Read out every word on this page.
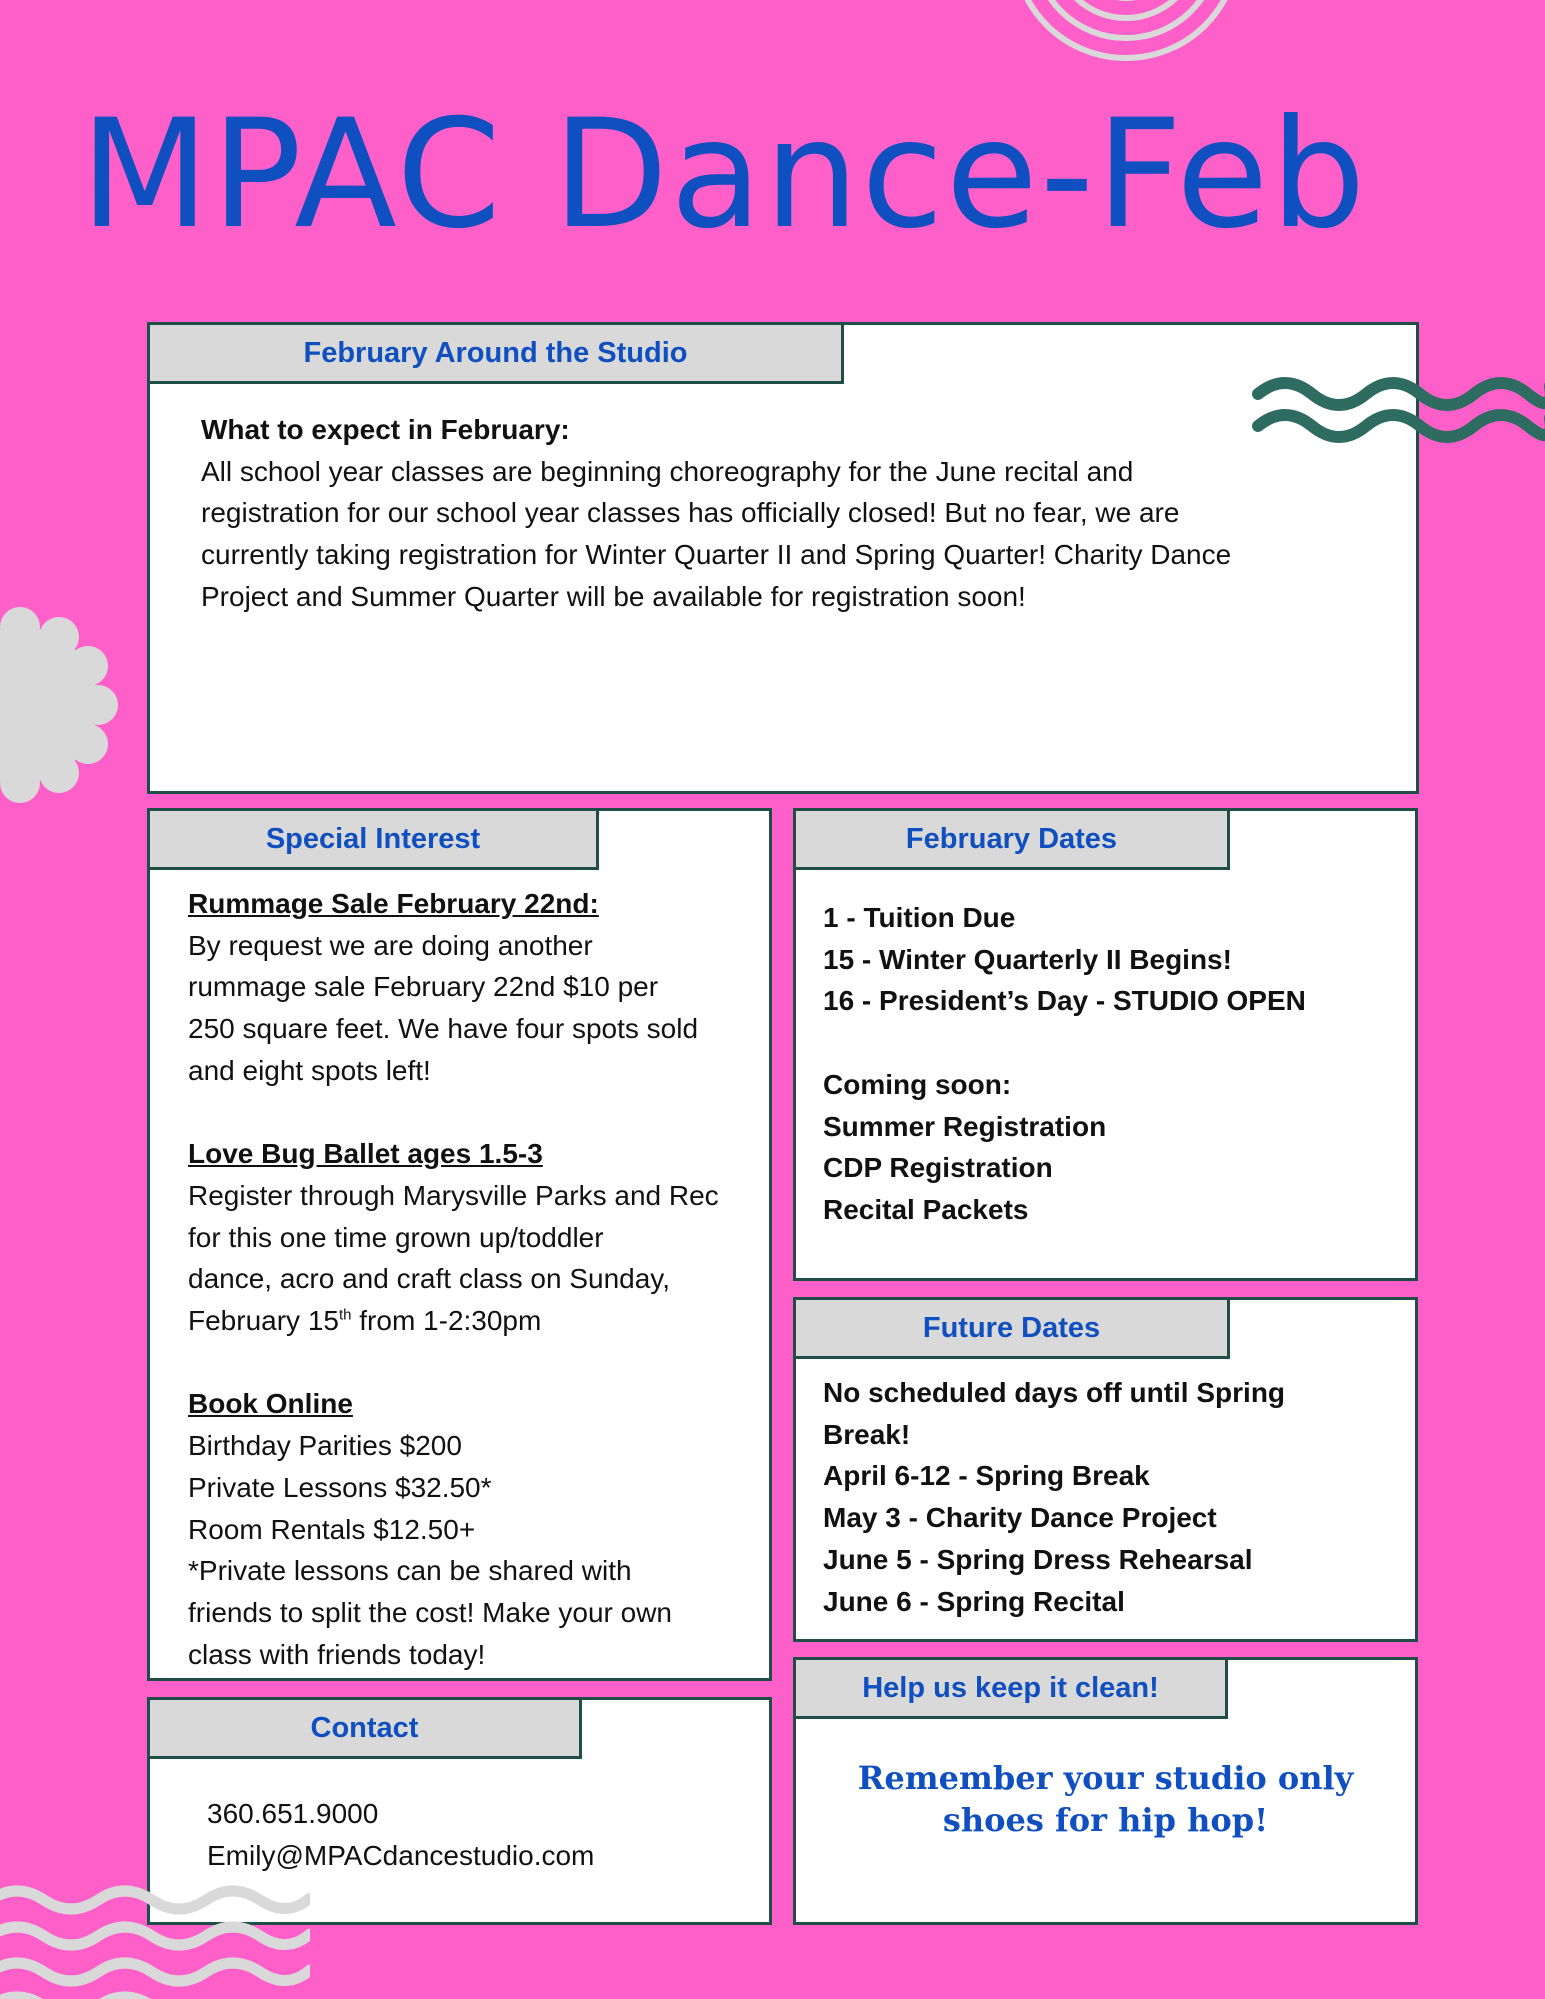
MPAC Dance-Feb
February Around the Studio
What to expect in February:
All school year classes are beginning choreography for the June recital and
registration for our school year classes has officially closed! But no fear, we are
currently taking registration for Winter Quarter II and Spring Quarter! Charity Dance
Project and Summer Quarter will be available for registration soon!
Special Interest
Rummage Sale February 22nd:
By request we are doing another
rummage sale February 22nd $10 per
250 square feet. We have four spots sold
and eight spots left!
Love Bug Ballet ages 1.5-3
Register through Marysville Parks and Rec
for this one time grown up/toddler
dance, acro and craft class on Sunday,
February 15th from 1-2:30pm
Book Online
Birthday Parities $200
Private Lessons $32.50*
Room Rentals $12.50+
*Private lessons can be shared with
friends to split the cost! Make your own
class with friends today!
February Dates
1 - Tuition Due
15 - Winter Quarterly II Begins!
16 - President’s Day - STUDIO OPEN
Coming soon:
Summer Registration
CDP Registration
Recital Packets
Future Dates
No scheduled days off until Spring
Break!
April 6-12 - Spring Break
May 3 - Charity Dance Project
June 5 - Spring Dress Rehearsal
June 6 - Spring Recital
Help us keep it clean!
Remember your studio only shoes for hip hop!
Contact
360.651.9000
Emily@MPACdancestudio.com
